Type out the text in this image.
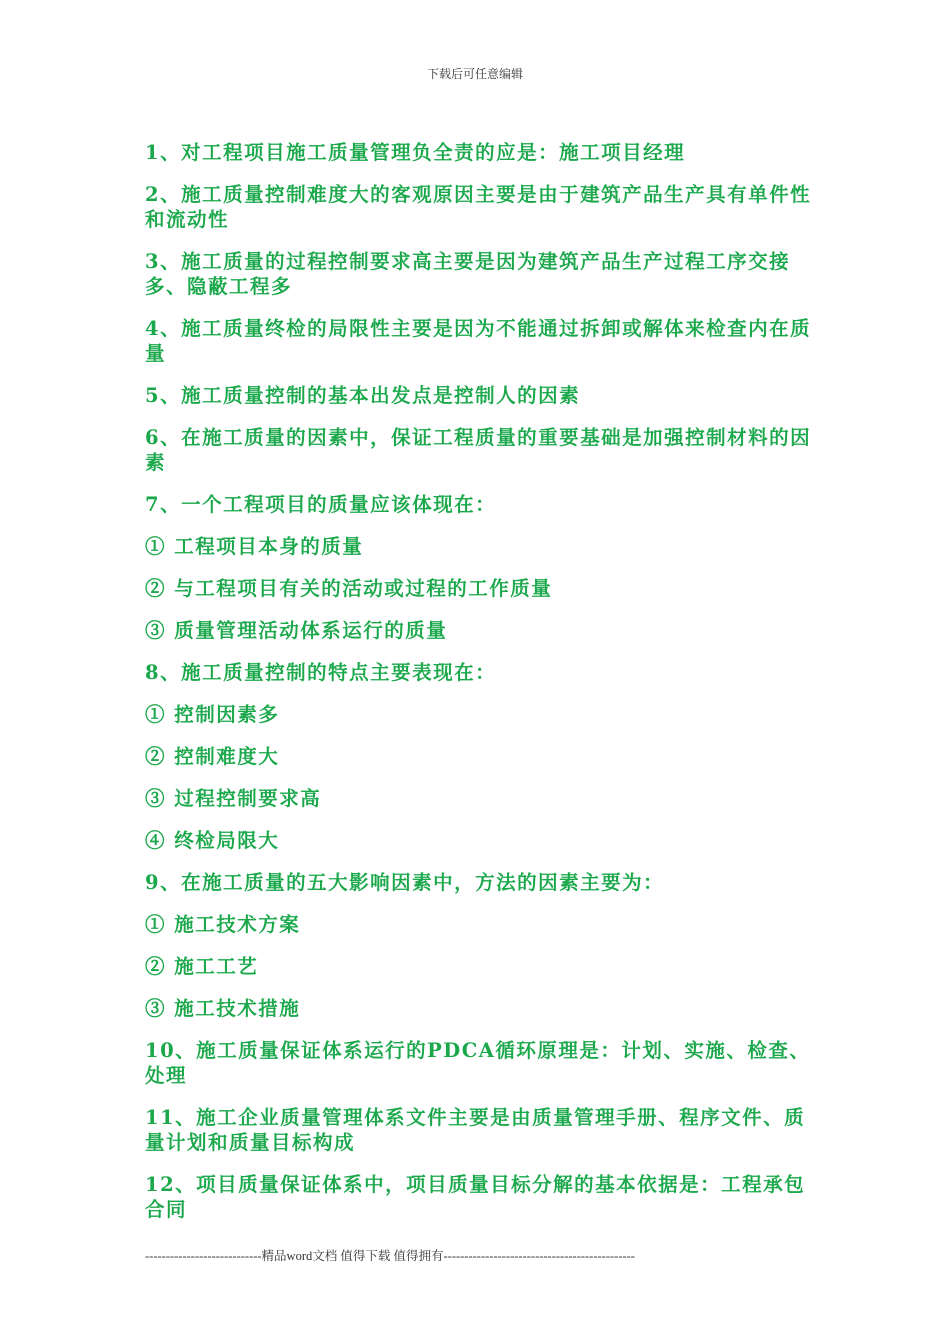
下载后可任意编辑

1、对工程项目施工质量管理负全责的应是：施工项目经理

2、施工质量控制难度大的客观原因主要是由于建筑产品生产具有单件性和流动性

3、施工质量的过程控制要求高主要是因为建筑产品生产过程工序交接多、隐蔽工程多

4、施工质量终检的局限性主要是因为不能通过拆卸或解体来检查内在质量

5、施工质量控制的基本出发点是控制人的因素

6、在施工质量的因素中，保证工程质量的重要基础是加强控制材料的因素

7、一个工程项目的质量应该体现在：

① 工程项目本身的质量

② 与工程项目有关的活动或过程的工作质量

③ 质量管理活动体系运行的质量

8、施工质量控制的特点主要表现在：

① 控制因素多

② 控制难度大

③ 过程控制要求高

④ 终检局限大

9、在施工质量的五大影响因素中，方法的因素主要为：

① 施工技术方案

② 施工工艺

③ 施工技术措施

10、施工质量保证体系运行的PDCA循环原理是：计划、实施、检查、处理

11、施工企业质量管理体系文件主要是由质量管理手册、程序文件、质量计划和质量目标构成

12、项目质量保证体系中，项目质量目标分解的基本依据是：工程承包合同

----------------------------精品word文档 值得下载 值得拥有----------------------------------------------
